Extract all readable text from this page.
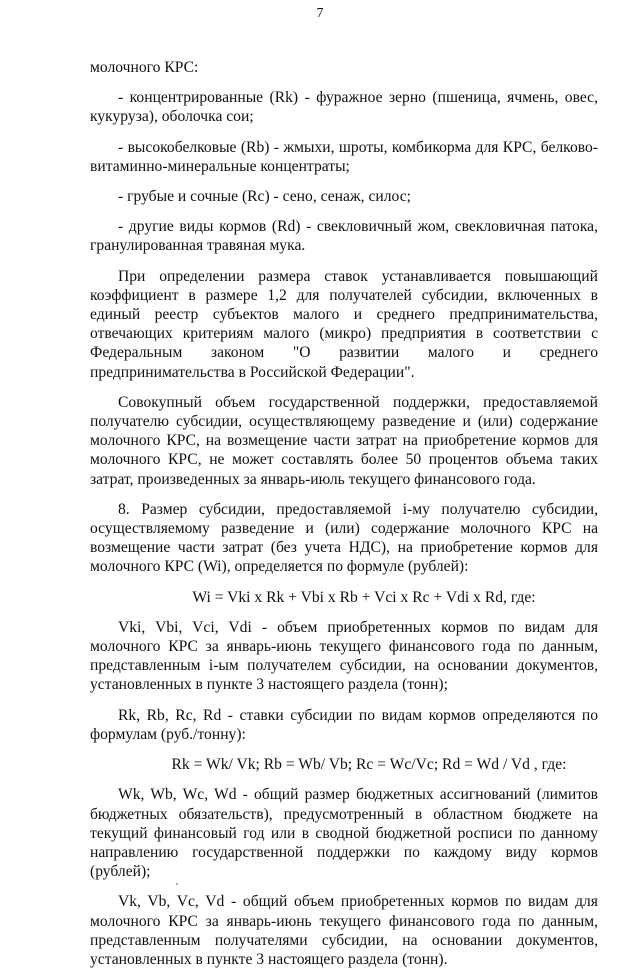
7

молочного КРС:

- концентрированные (Rk) - фуражное зерно (пшеница, ячмень, овес, кукуруза), оболочка сои;

- высокобелковые (Rb) - жмыхи, шроты, комбикорма для КРС, белково-витаминно-минеральные концентраты;

- грубые и сочные (Rc) - сено, сенаж, силос;

- другие виды кормов (Rd) - свекловичный жом, свекловичная патока, гранулированная травяная мука.

При определении размера ставок устанавливается повышающий коэффициент в размере 1,2 для получателей субсидии, включенных в единый реестр субъектов малого и среднего предпринимательства, отвечающих критериям малого (микро) предприятия в соответствии с Федеральным законом "О развитии малого и среднего предпринимательства в Российской Федерации".

Совокупный объем государственной поддержки, предоставляемой получателю субсидии, осуществляющему разведение и (или) содержание молочного КРС, на возмещение части затрат на приобретение кормов для молочного КРС, не может составлять более 50 процентов объема таких затрат, произведенных за январь-июль текущего финансового года.

8. Размер субсидии, предоставляемой i-му получателю субсидии, осуществляемому разведение и (или) содержание молочного КРС на возмещение части затрат (без учета НДС), на приобретение кормов для молочного КРС (Wi), определяется по формуле (рублей):

Wi = Vki x Rk + Vbi x Rb + Vci x Rc + Vdi x Rd, где:

Vki, Vbi, Vci, Vdi - объем приобретенных кормов по видам для молочного КРС за январь-июнь текущего финансового года по данным, представленным i-ым получателем субсидии, на основании документов, установленных в пункте 3 настоящего раздела (тонн);

Rk, Rb, Rc, Rd - ставки субсидии по видам кормов определяются по формулам (руб./тонну):

Rk = Wk/ Vk; Rb = Wb/ Vb; Rc = Wc/Vc; Rd = Wd / Vd , где:

Wk, Wb, Wc, Wd - общий размер бюджетных ассигнований (лимитов бюджетных обязательств), предусмотренный в областном бюджете на текущий финансовый год или в сводной бюджетной росписи по данному направлению государственной поддержки по каждому виду кормов (рублей);

Vk, Vb, Vc, Vd - общий объем приобретенных кормов по видам для молочного КРС за январь-июнь текущего финансового года по данным, представленным получателями субсидии, на основании документов, установленных в пункте 3 настоящего раздела (тонн).
